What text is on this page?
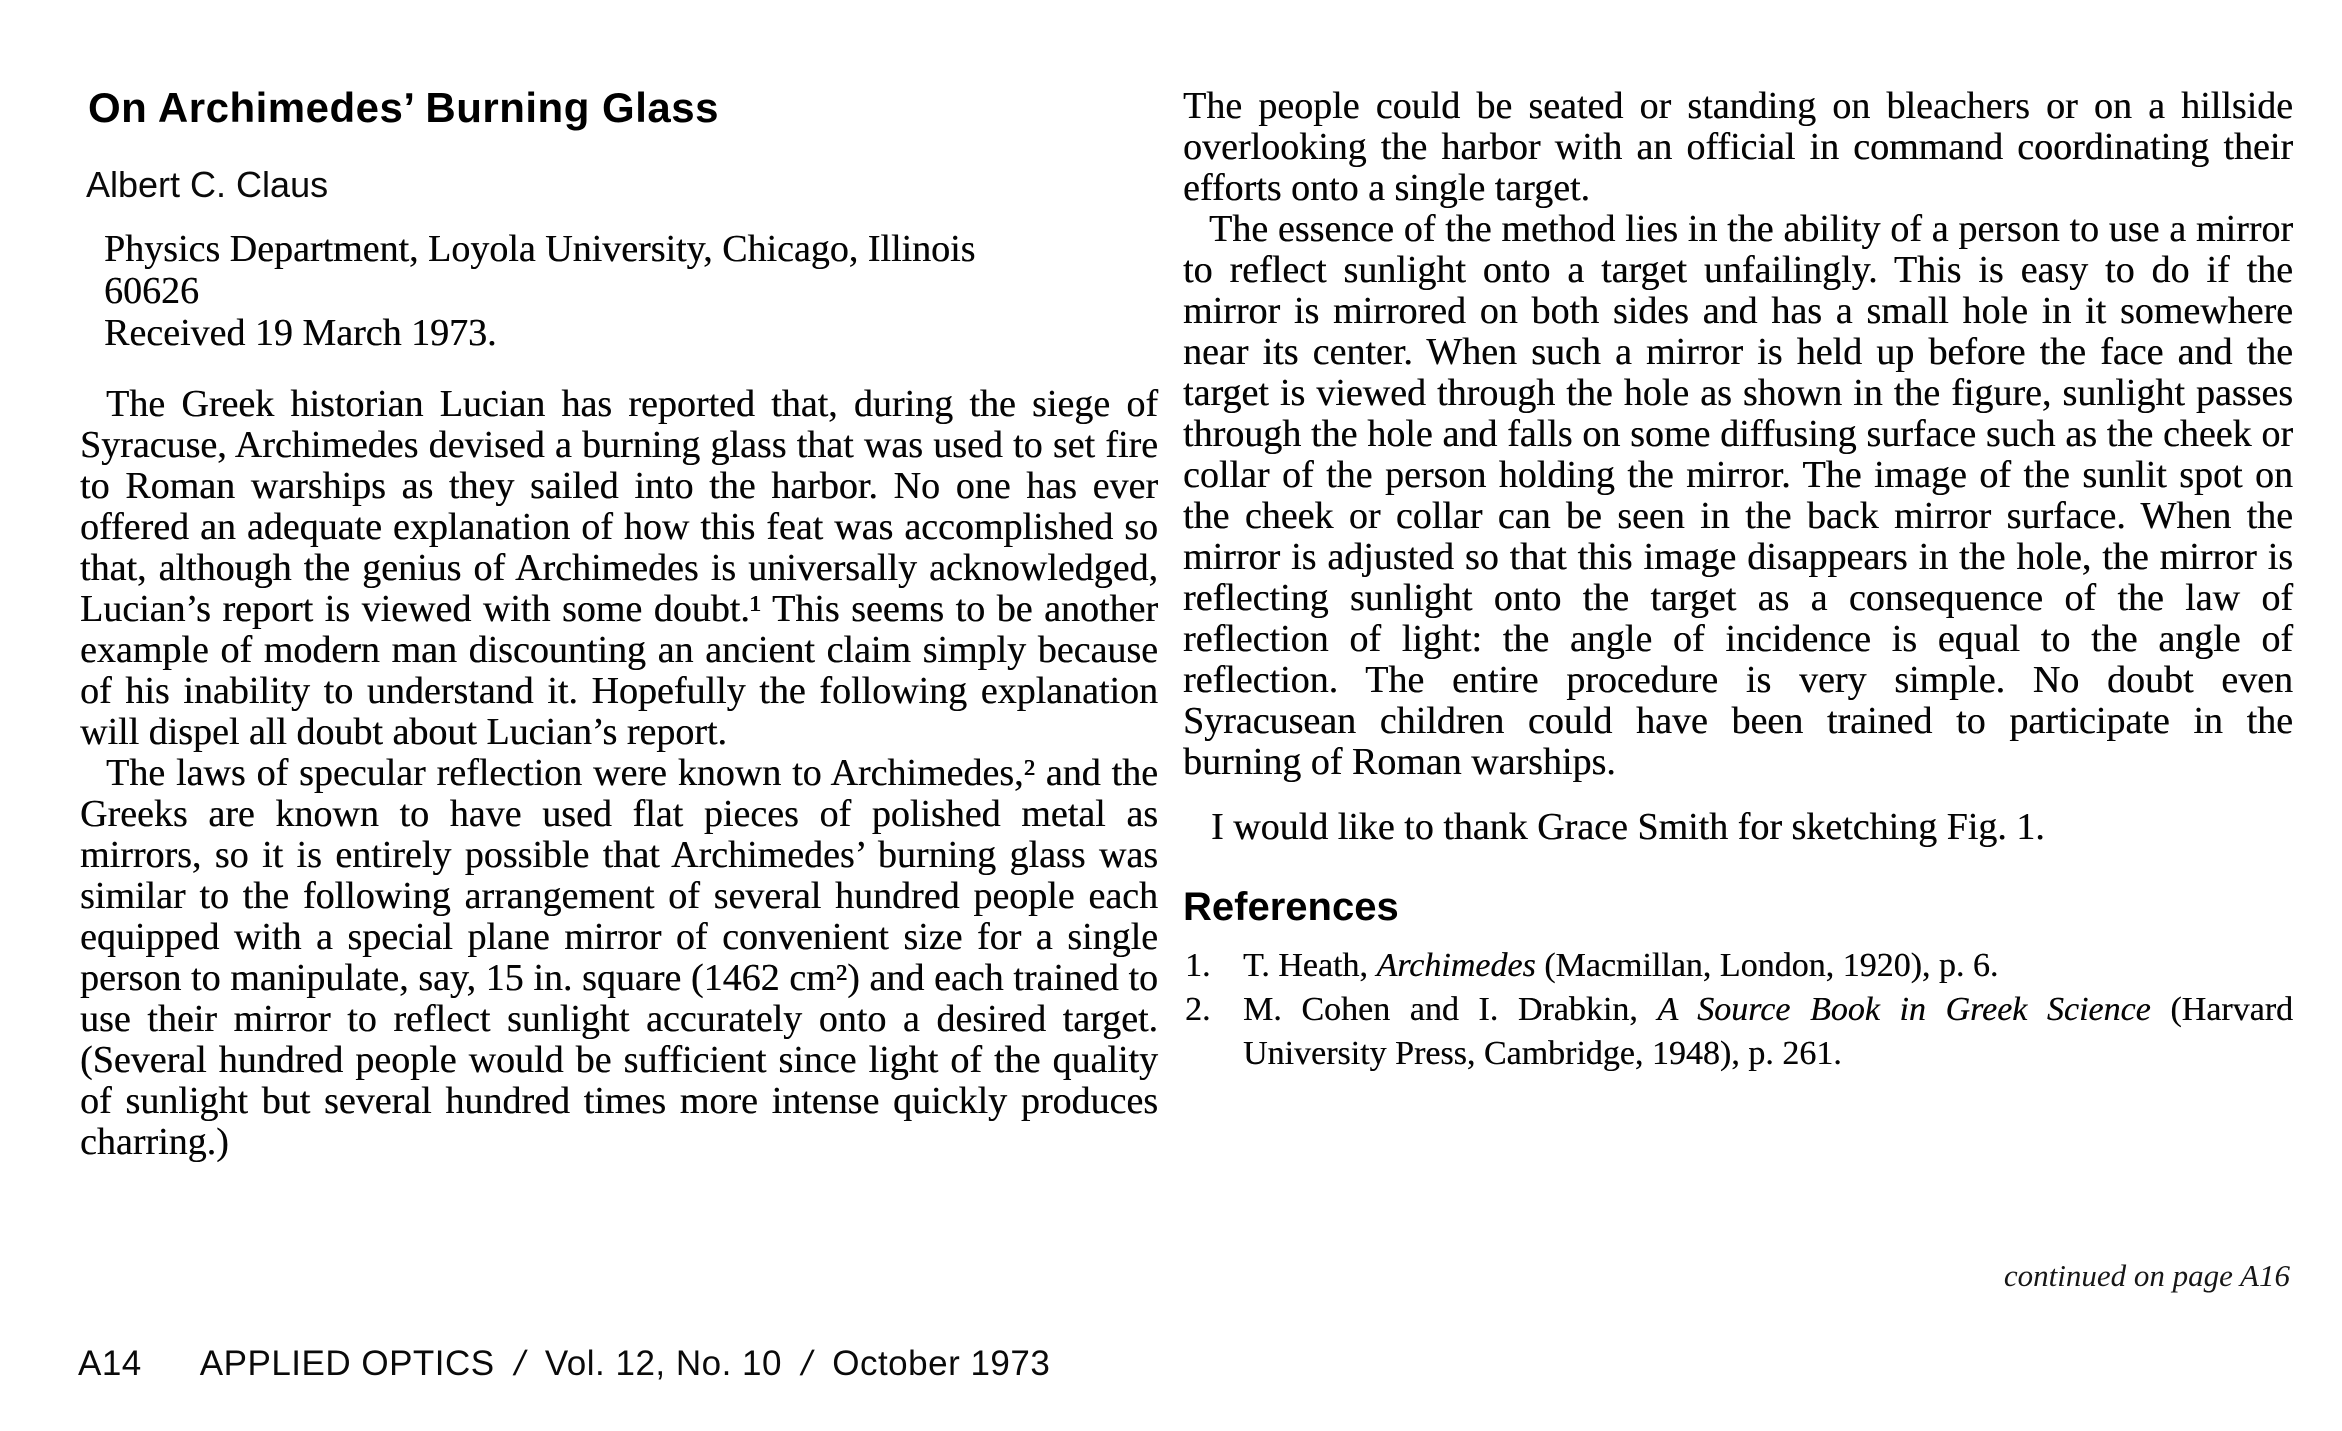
On Archimedes’ Burning Glass
Albert C. Claus
Physics Department, Loyola University, Chicago, Illinois
60626
Received 19 March 1973.

The Greek historian Lucian has reported that, during the siege of Syracuse, Archimedes devised a burning glass that was used to set fire to Roman warships as they sailed into the harbor. No one has ever offered an adequate explanation of how this feat was accomplished so that, although the genius of Archimedes is universally acknowledged, Lucian’s report is viewed with some doubt.¹ This seems to be another example of modern man discounting an ancient claim simply because of his inability to understand it. Hopefully the following explanation will dispel all doubt about Lucian’s report.

The laws of specular reflection were known to Archimedes,² and the Greeks are known to have used flat pieces of polished metal as mirrors, so it is entirely possible that Archimedes’ burning glass was similar to the following arrangement of several hundred people each equipped with a special plane mirror of convenient size for a single person to manipulate, say, 15 in. square (1462 cm²) and each trained to use their mirror to reflect sunlight accurately onto a desired target. (Several hundred people would be sufficient since light of the quality of sunlight but several hundred times more intense quickly produces charring.)

The people could be seated or standing on bleachers or on a hillside overlooking the harbor with an official in command coordinating their efforts onto a single target.

The essence of the method lies in the ability of a person to use a mirror to reflect sunlight onto a target unfailingly. This is easy to do if the mirror is mirrored on both sides and has a small hole in it somewhere near its center. When such a mirror is held up before the face and the target is viewed through the hole as shown in the figure, sunlight passes through the hole and falls on some diffusing surface such as the cheek or collar of the person holding the mirror. The image of the sunlit spot on the cheek or collar can be seen in the back mirror surface. When the mirror is adjusted so that this image disappears in the hole, the mirror is reflecting sunlight onto the target as a consequence of the law of reflection of light: the angle of incidence is equal to the angle of reflection. The entire procedure is very simple. No doubt even Syracusean children could have been trained to participate in the burning of Roman warships.

I would like to thank Grace Smith for sketching Fig. 1.

References
1. T. Heath, Archimedes (Macmillan, London, 1920), p. 6.
2. M. Cohen and I. Drabkin, A Source Book in Greek Science (Harvard University Press, Cambridge, 1948), p. 261.
continued on page A16
A14 APPLIED OPTICS / Vol. 12, No. 10 / October 1973
